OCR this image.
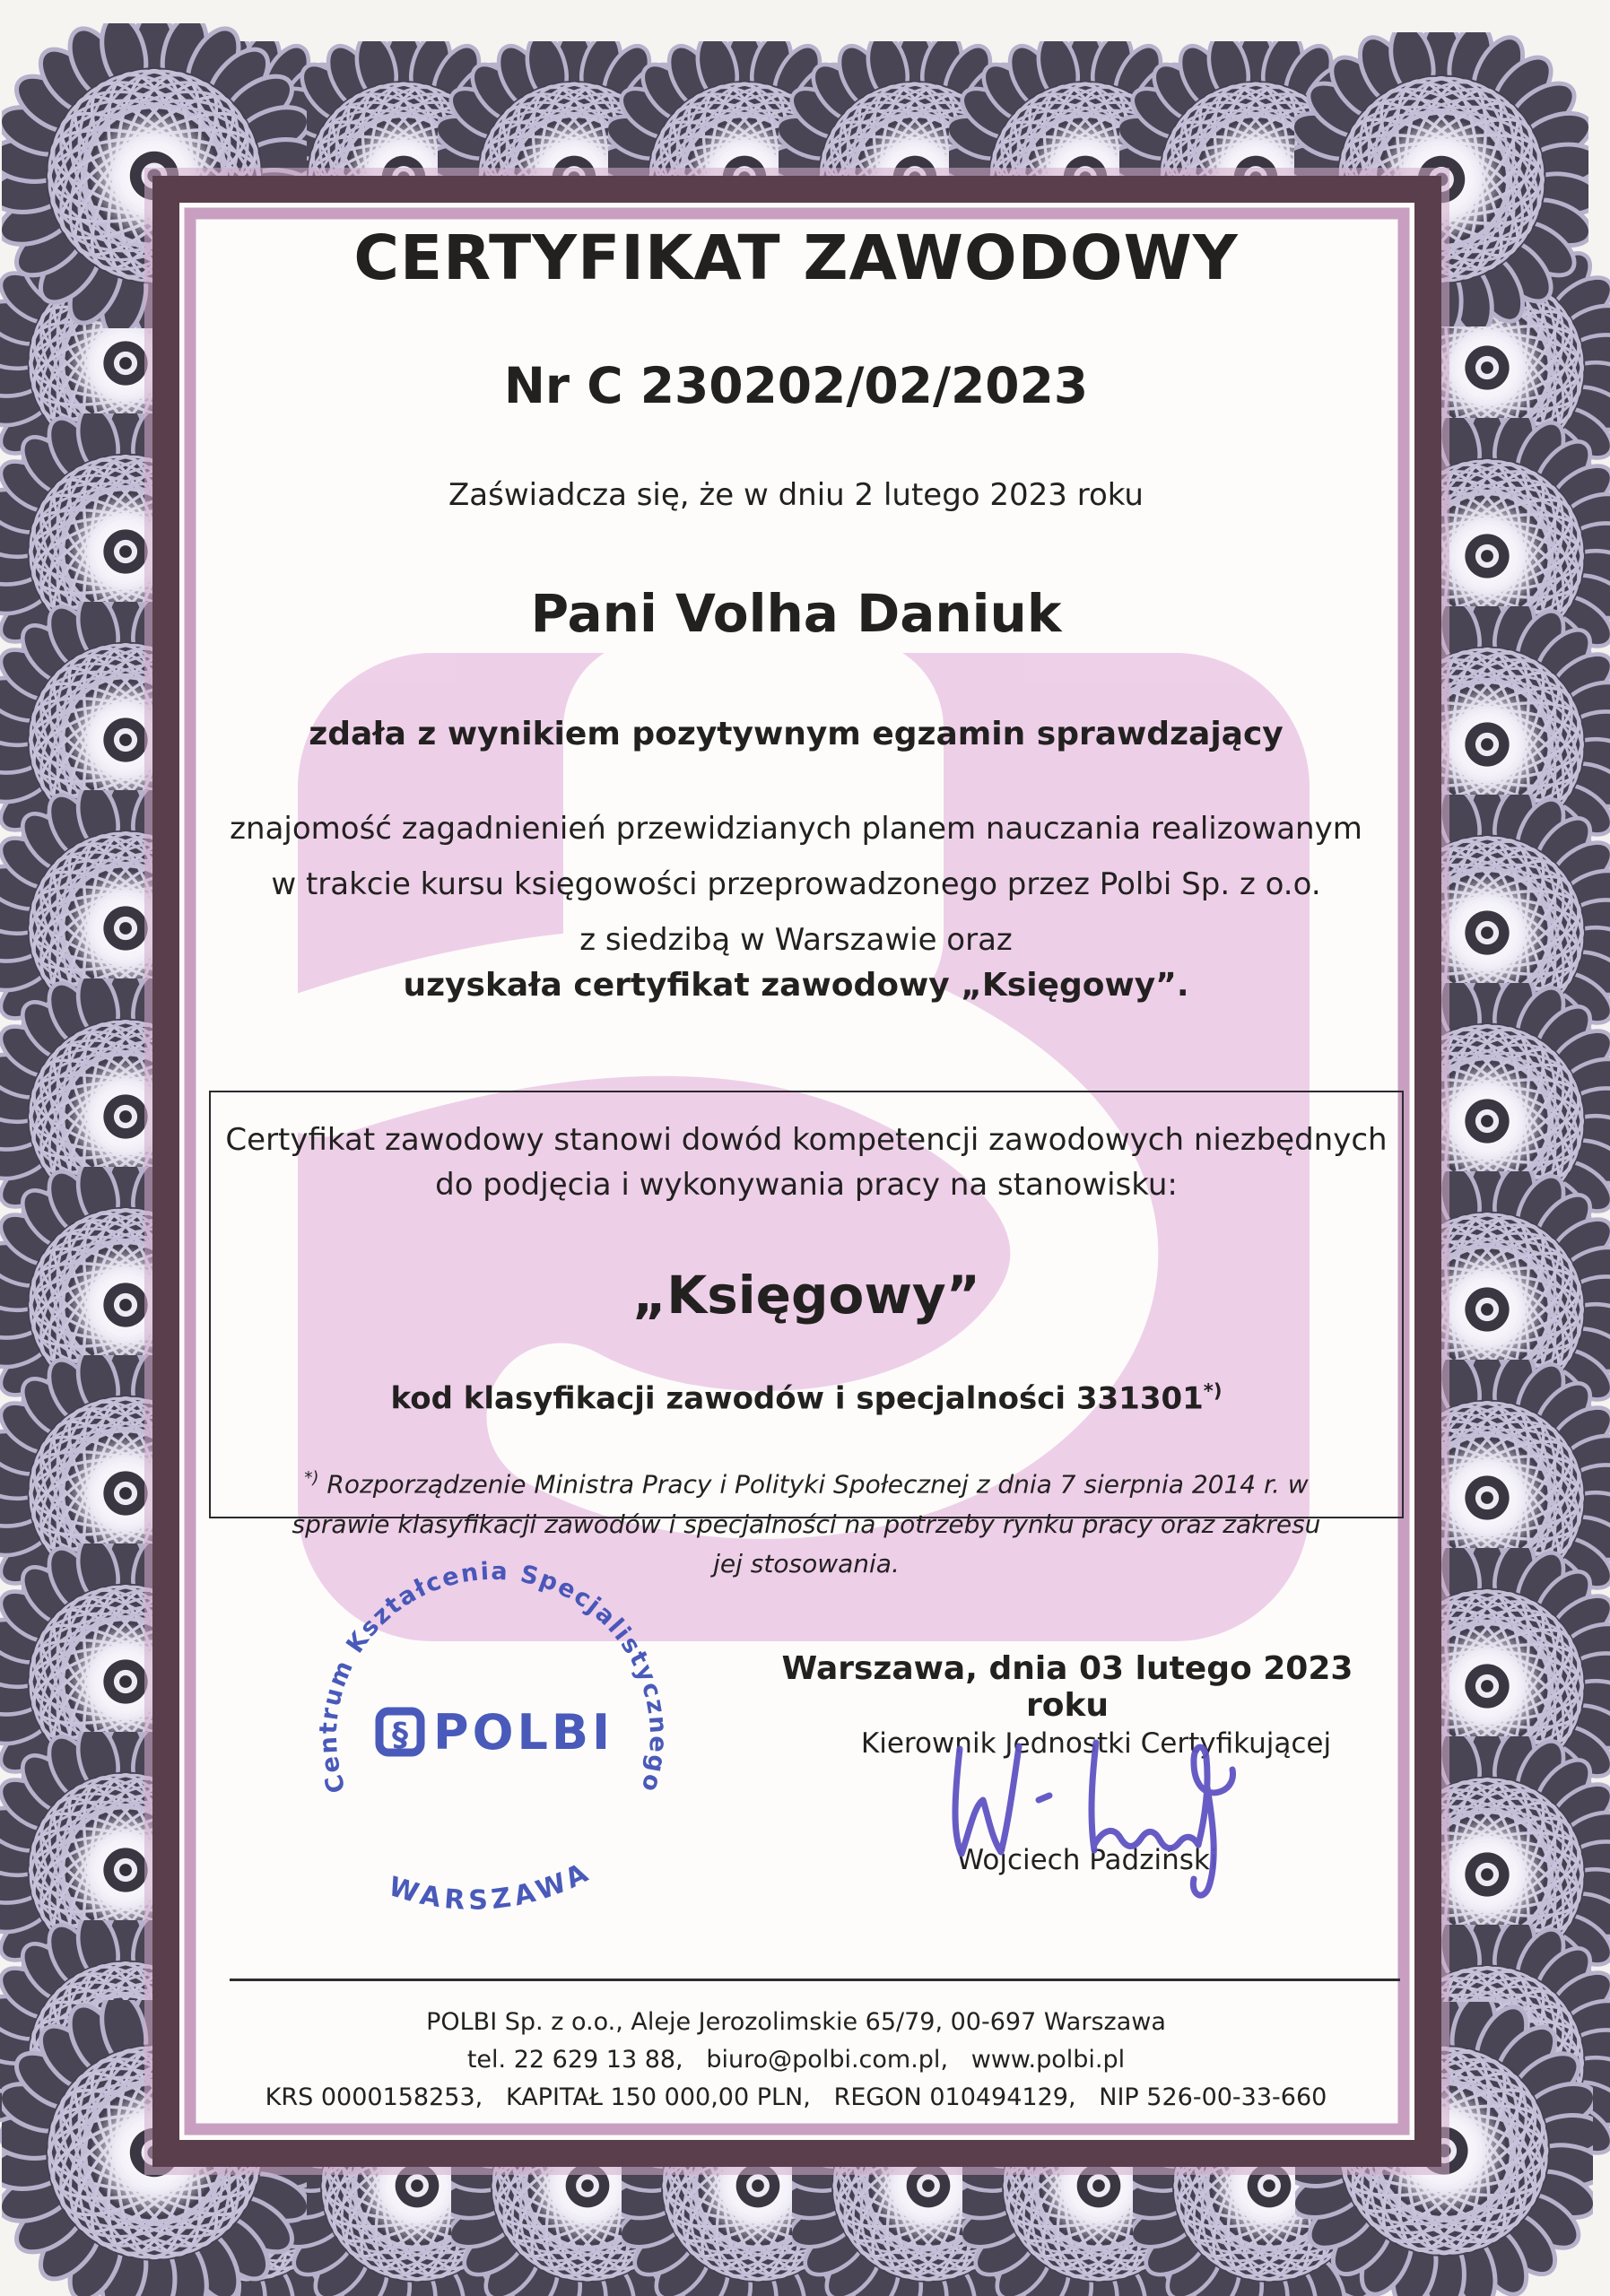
CERTYFIKAT ZAWODOWY
Nr C 230202/02/2023
Zaświadcza się, że w dniu 2 lutego 2023 roku
Pani Volha Daniuk
zdała z wynikiem pozytywnym egzamin sprawdzający
znajomość zagadnienień przewidzianych planem nauczania realizowanym
w trakcie kursu księgowości przeprowadzonego przez Polbi Sp. z o.o.
z siedzibą w Warszawie oraz
uzyskała certyfikat zawodowy „Księgowy”.
Certyfikat zawodowy stanowi dowód kompetencji zawodowych niezbędnych
do podjęcia i wykonywania pracy na stanowisku:
„Księgowy”
kod klasyfikacji zawodów i specjalności 331301*)
*) Rozporządzenie Ministra Pracy i Polityki Społecznej z dnia 7 sierpnia 2014 r. w sprawie klasyfikacji zawodów i specjalności na potrzeby rynku pracy oraz zakresu jej stosowania.
Warszawa, dnia 03 lutego 2023 roku
Kierownik Jednostki Certyfikującej
Wojciech Padziński
POLBI Sp. z o.o., Aleje Jerozolimskie 65/79, 00-697 Warszawa
tel. 22 629 13 88,   biuro@polbi.com.pl,   www.polbi.pl
KRS 0000158253,   KAPITAŁ 150 000,00 PLN,   REGON 010494129,   NIP 526-00-33-660
Centrum Kształcenia Specjalistycznego
§ POLBI
WARSZAWA
